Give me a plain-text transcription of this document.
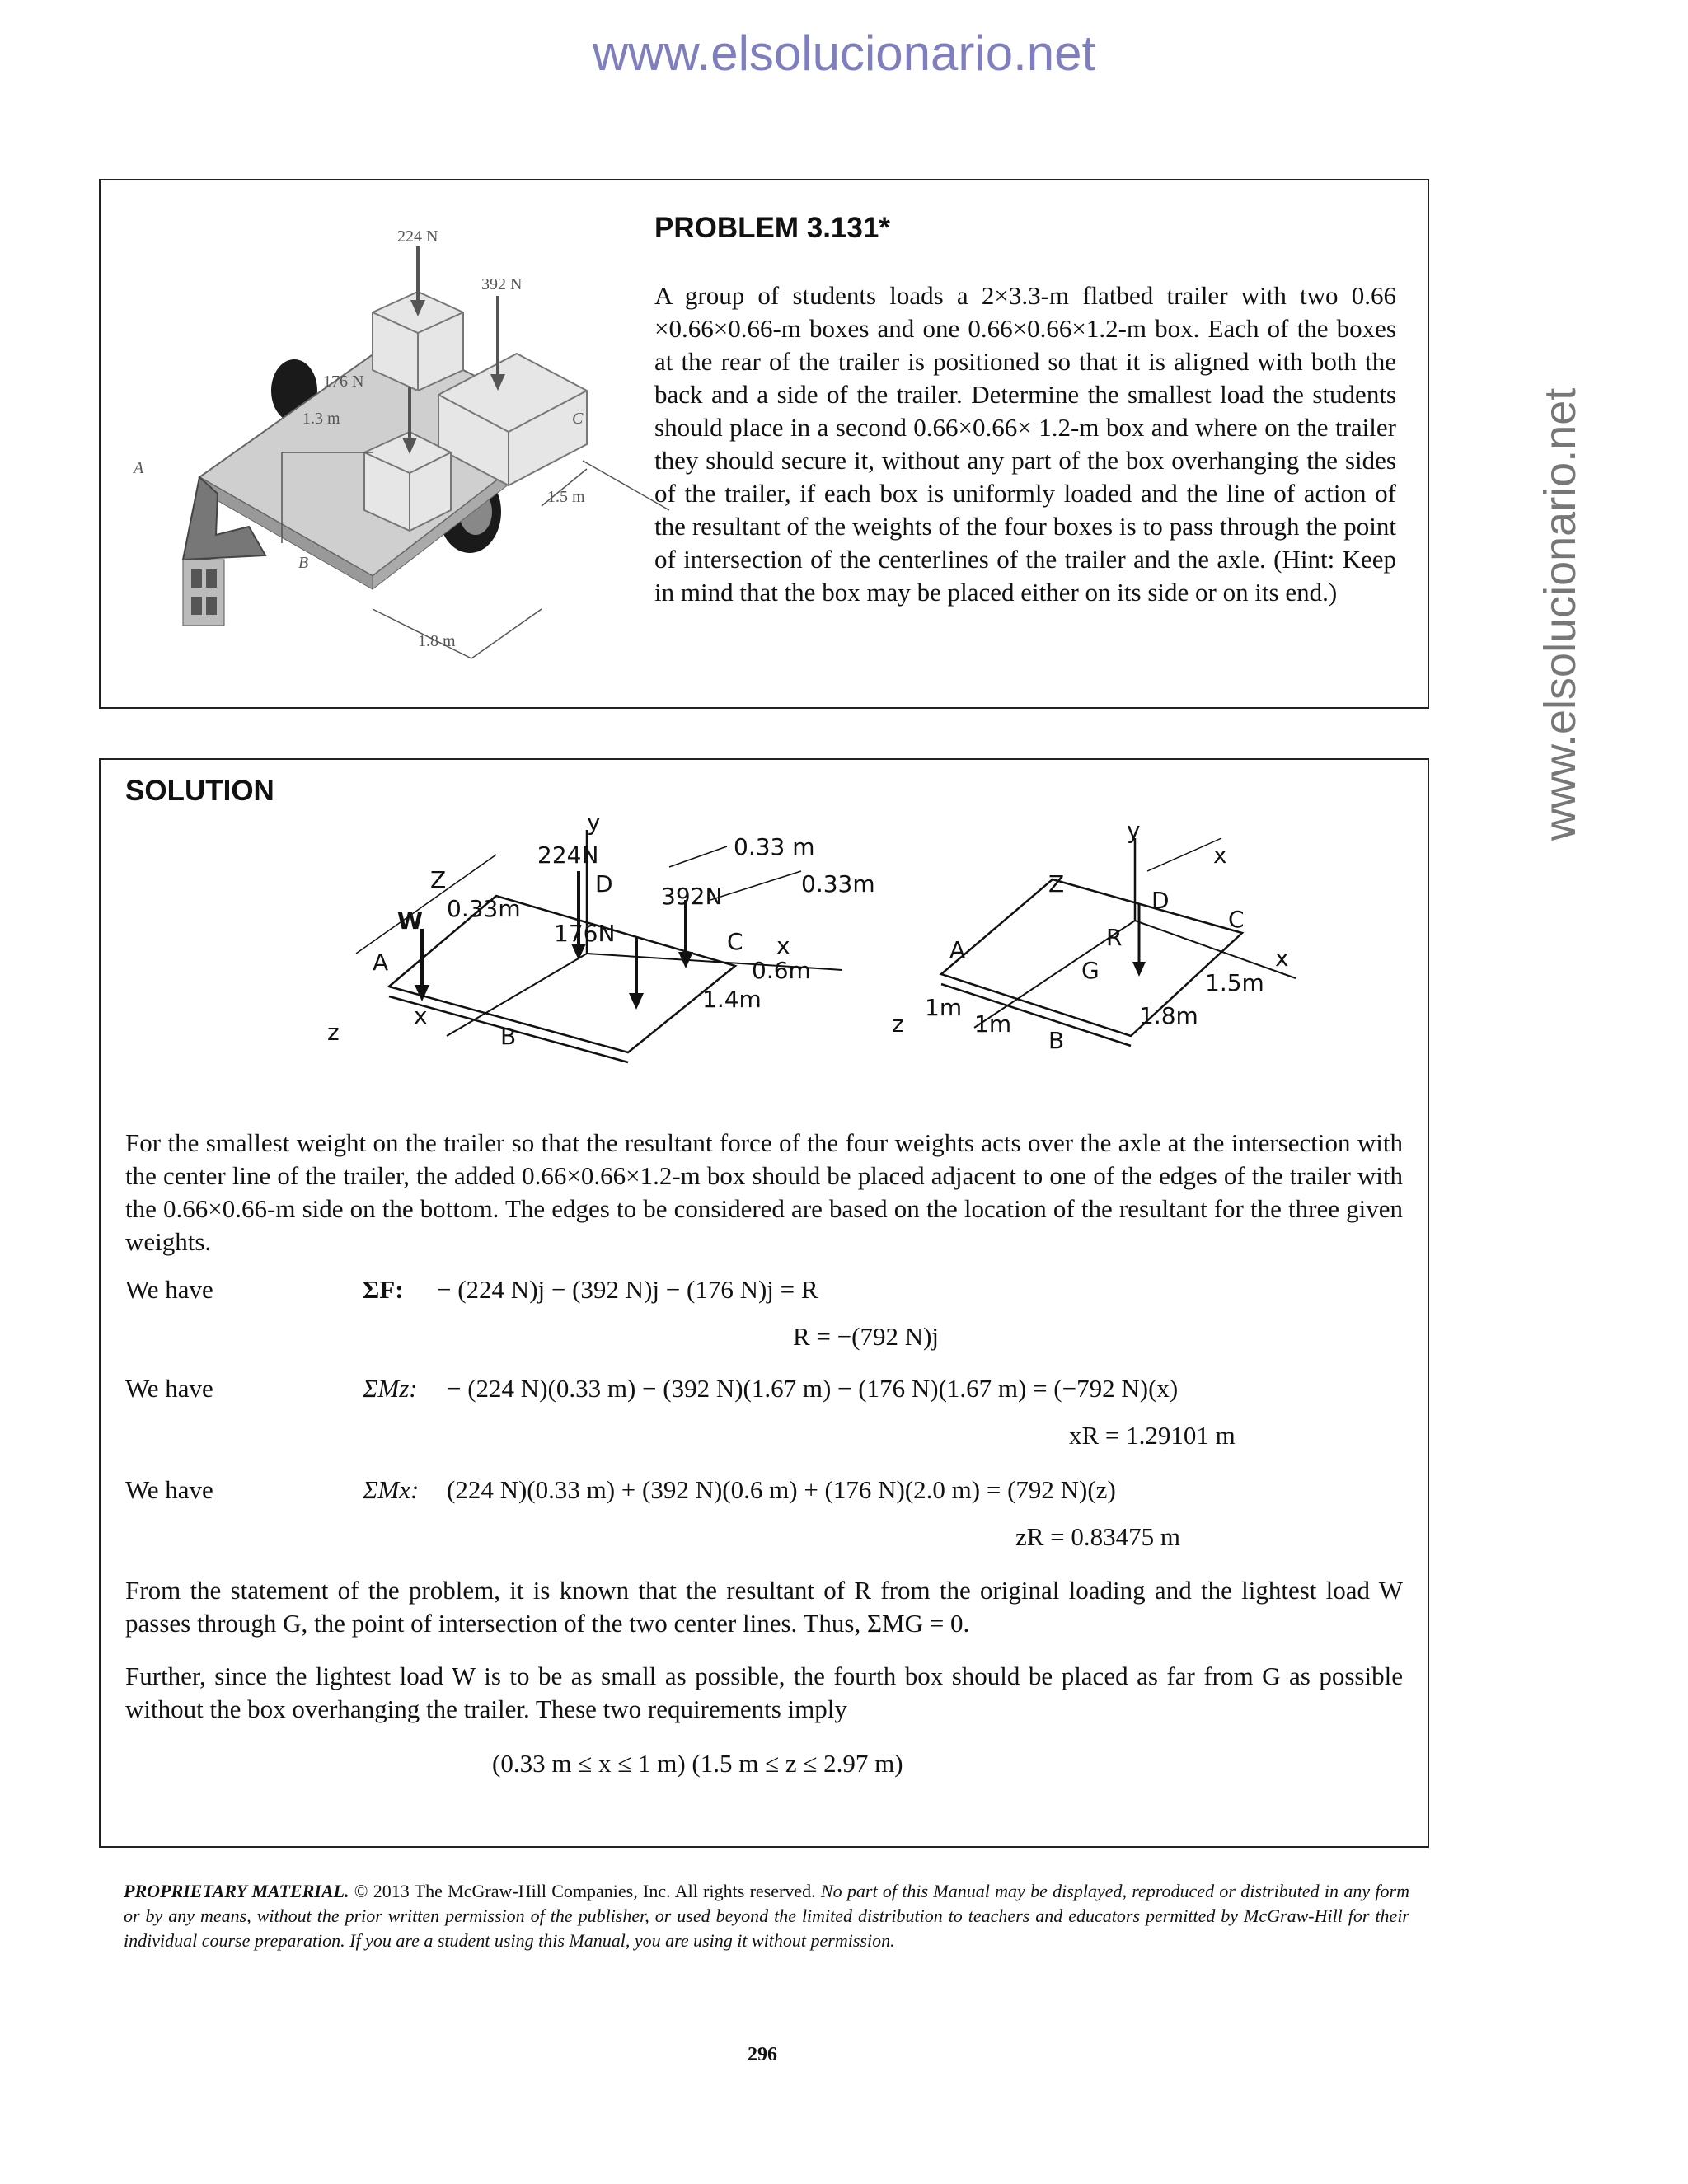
www.elsolucionario.net
www.elsolucionario.net
224 N
392 N
176 N
1.3 m
1.5 m
1.8 m
A
B
C
PROBLEM 3.131*
A group of students loads a 2×3.3-m flatbed trailer with two 0.66 ×0.66×0.66-m boxes and one 0.66×0.66×1.2-m box. Each of the boxes at the rear of the trailer is positioned so that it is aligned with both the back and a side of the trailer. Determine the smallest load the students should place in a second 0.66×0.66× 1.2-m box and where on the trailer they should secure it, without any part of the box overhanging the sides of the trailer, if each box is uniformly loaded and the line of action of the resultant of the weights of the four boxes is to pass through the point of intersection of the centerlines of the trailer and the axle. (Hint: Keep in mind that the box may be placed either on its side or on its end.)
SOLUTION
y
Z
W 0.33m
224N
D
0.33 m
0.33m
392N
176N	C x
0.6m
1.4m
A
x
z	B
y
Z
x
D
R
C
G
A	x
1.5m
z
1m
1m	1.8m
B
For the smallest weight on the trailer so that the resultant force of the four weights acts over the axle at the intersection with the center line of the trailer, the added 0.66×0.66×1.2-m box should be placed adjacent to one of the edges of the trailer with the 0.66×0.66-m side on the bottom. The edges to be considered are based on the location of the resultant for the three given weights.
We have	ΣF: − (224 N)j − (392 N)j − (176 N)j = R
R = −(792 N)j
We have	ΣMz: − (224 N)(0.33 m) − (392 N)(1.67 m) − (176 N)(1.67 m) = (−792 N)(x)
xR = 1.29101 m
We have	ΣMx: (224 N)(0.33 m) + (392 N)(0.6 m) + (176 N)(2.0 m) = (792 N)(z)
zR = 0.83475 m
From the statement of the problem, it is known that the resultant of R from the original loading and the lightest load W passes through G, the point of intersection of the two center lines. Thus, ΣMG = 0.
Further, since the lightest load W is to be as small as possible, the fourth box should be placed as far from G as possible without the box overhanging the trailer. These two requirements imply
(0.33 m ≤ x ≤ 1 m) (1.5 m ≤ z ≤ 2.97 m)
PROPRIETARY MATERIAL. © 2013 The McGraw-Hill Companies, Inc. All rights reserved. No part of this Manual may be displayed, reproduced or distributed in any form or by any means, without the prior written permission of the publisher, or used beyond the limited distribution to teachers and educators permitted by McGraw-Hill for their individual course preparation. If you are a student using this Manual, you are using it without permission.
296
